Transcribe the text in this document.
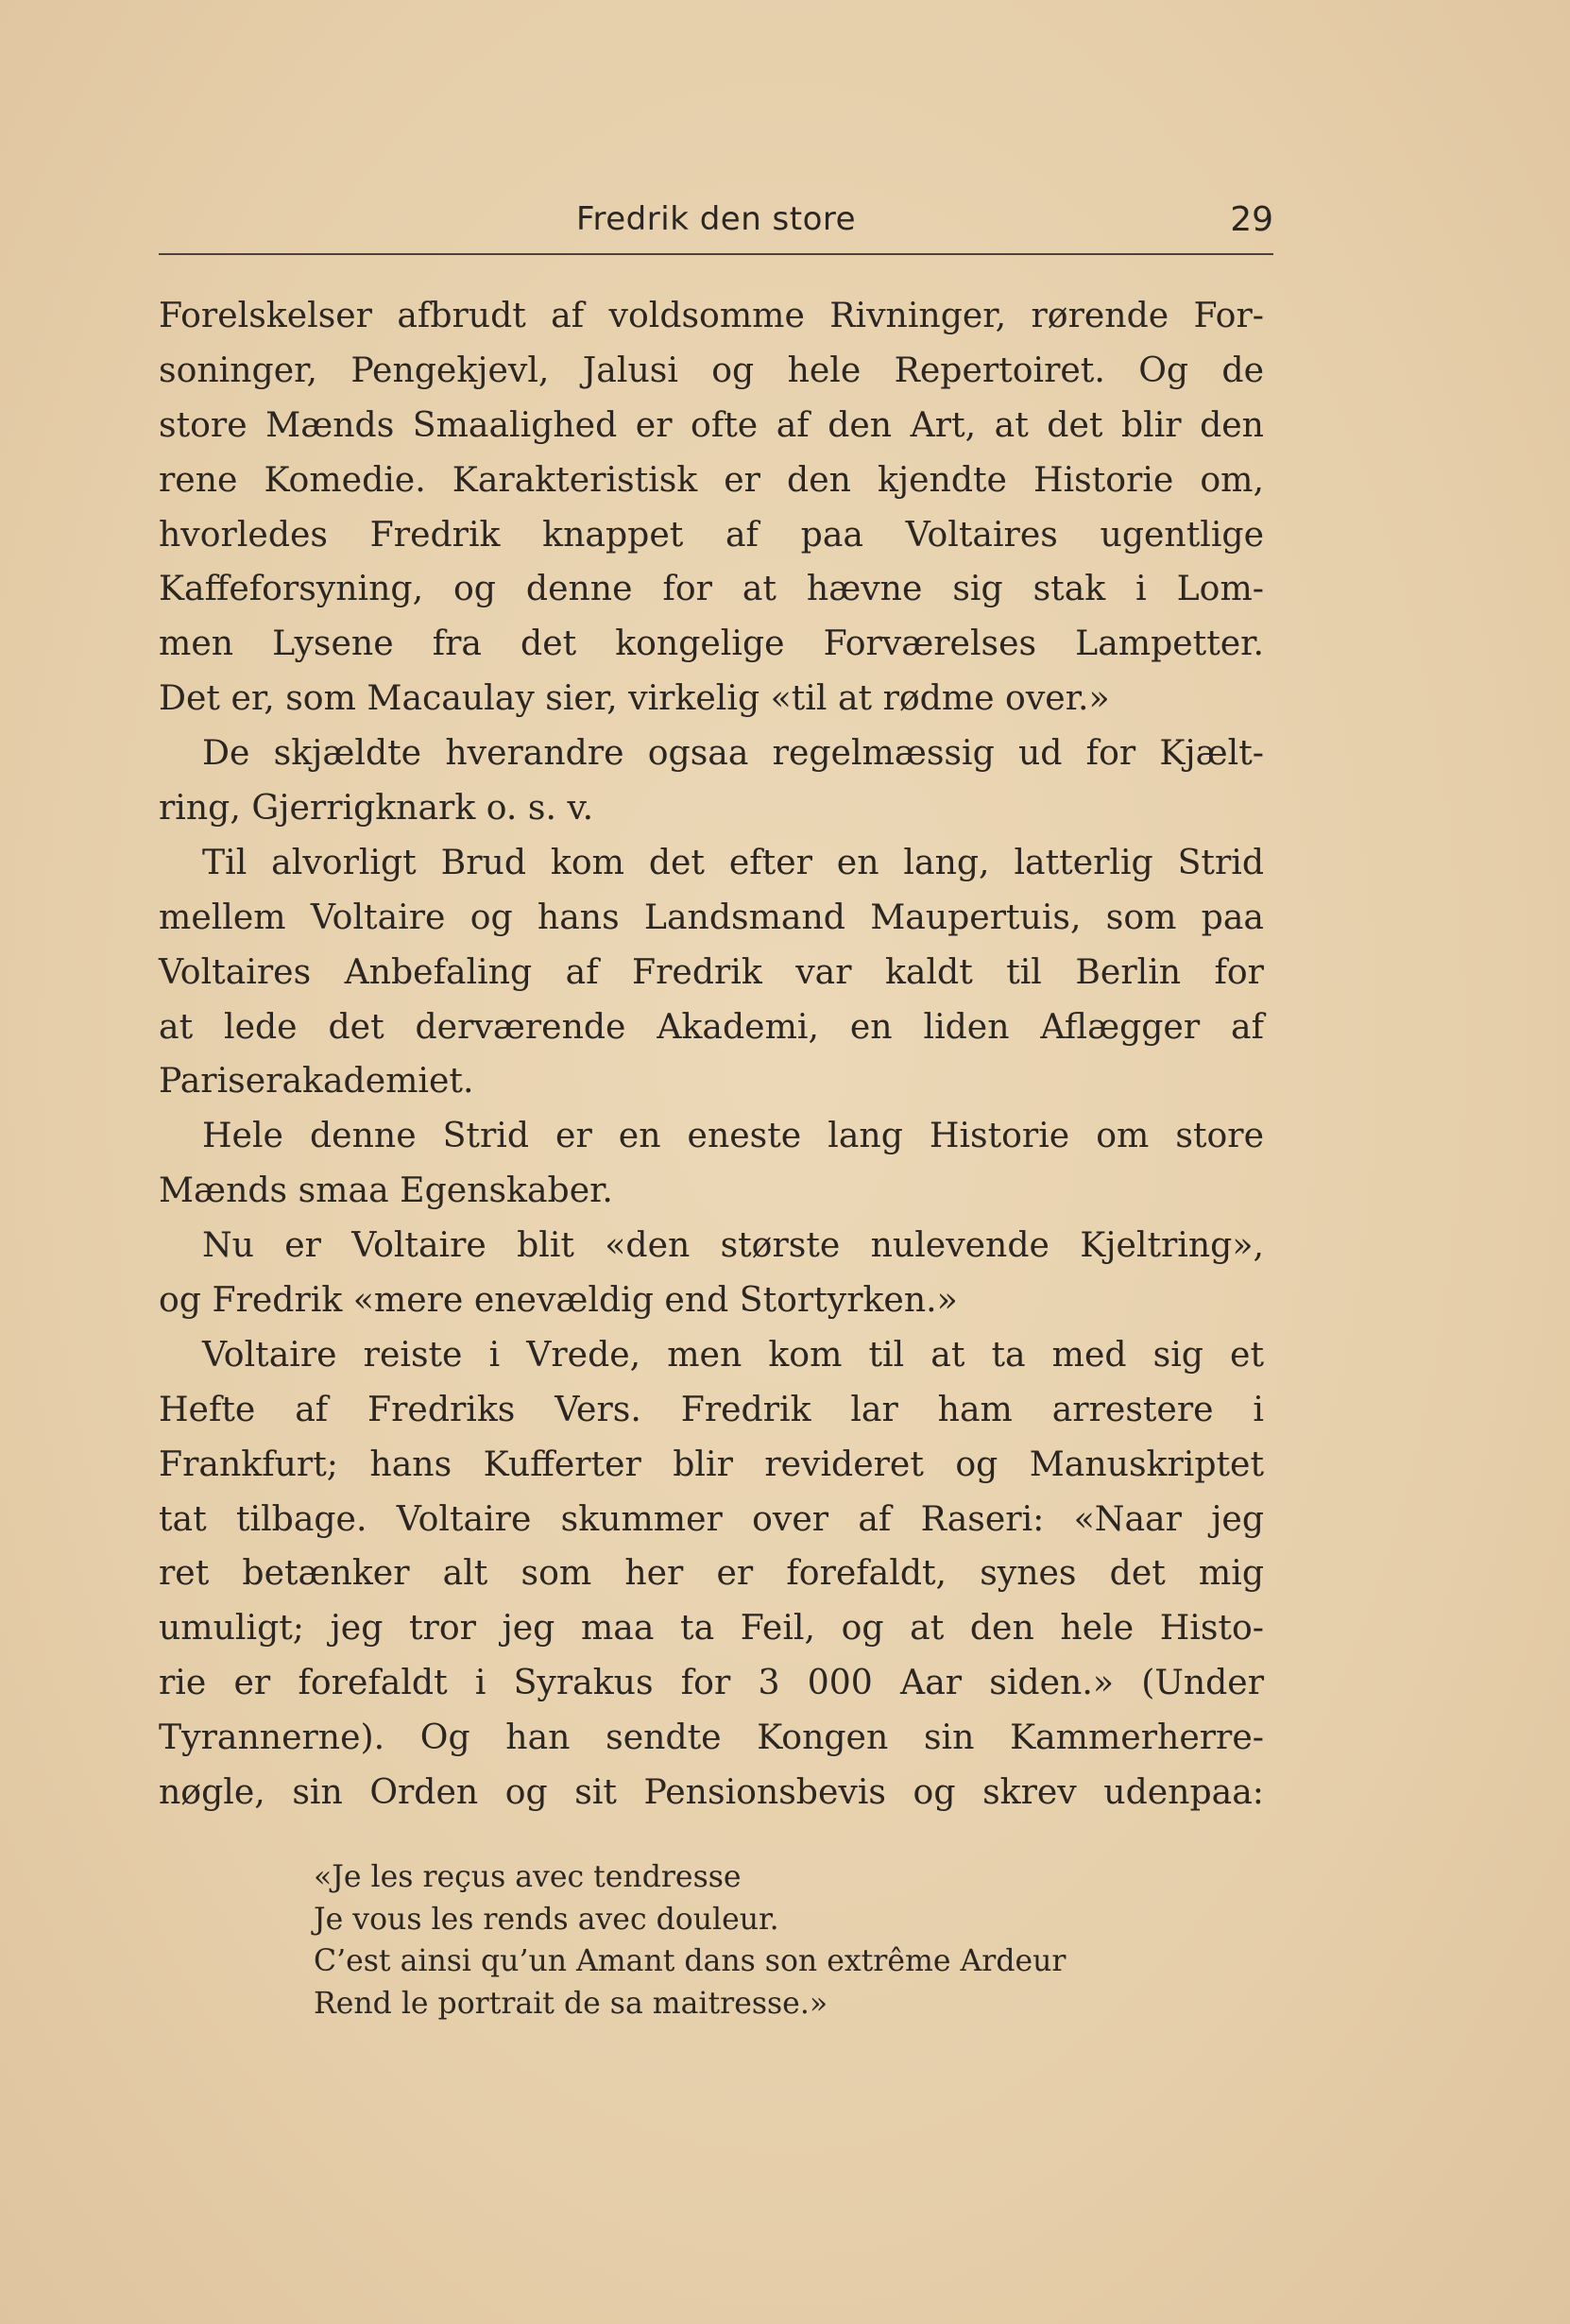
Fredrik den store	29
Forelskelser afbrudt af voldsomme Rivninger, rørende For-
soninger, Pengekjevl, Jalusi og hele Repertoiret. Og de
store Mænds Smaalighed er ofte af den Art, at det blir den
rene Komedie. Karakteristisk er den kjendte Historie om,
hvorledes Fredrik knappet af paa Voltaires ugentlige
Kaffeforsyning, og denne for at hævne sig stak i Lom-
men Lysene fra det kongelige Forværelses Lampetter.
Det er, som Macaulay sier, virkelig «til at rødme over.»
De skjældte hverandre ogsaa regelmæssig ud for Kjælt-
ring, Gjerrigknark o. s. v.
Til alvorligt Brud kom det efter en lang, latterlig Strid
mellem Voltaire og hans Landsmand Maupertuis, som paa
Voltaires Anbefaling af Fredrik var kaldt til Berlin for
at lede det derværende Akademi, en liden Aflægger af
Pariserakademiet.
Hele denne Strid er en eneste lang Historie om store
Mænds smaa Egenskaber.
Nu er Voltaire blit «den største nulevende Kjeltring»,
og Fredrik «mere enevældig end Stortyrken.»
Voltaire reiste i Vrede, men kom til at ta med sig et
Hefte af Fredriks Vers. Fredrik lar ham arrestere i
Frankfurt; hans Kufferter blir revideret og Manuskriptet
tat tilbage. Voltaire skummer over af Raseri: «Naar jeg
ret betænker alt som her er forefaldt, synes det mig
umuligt; jeg tror jeg maa ta Feil, og at den hele Histo-
rie er forefaldt i Syrakus for 3 000 Aar siden.» (Under
Tyrannerne). Og han sendte Kongen sin Kammerherre-
nøgle, sin Orden og sit Pensionsbevis og skrev udenpaa:
«Je les reçus avec tendresse
Je vous les rends avec douleur.
C’est ainsi qu’un Amant dans son extrême Ardeur
Rend le portrait de sa maitresse.»
